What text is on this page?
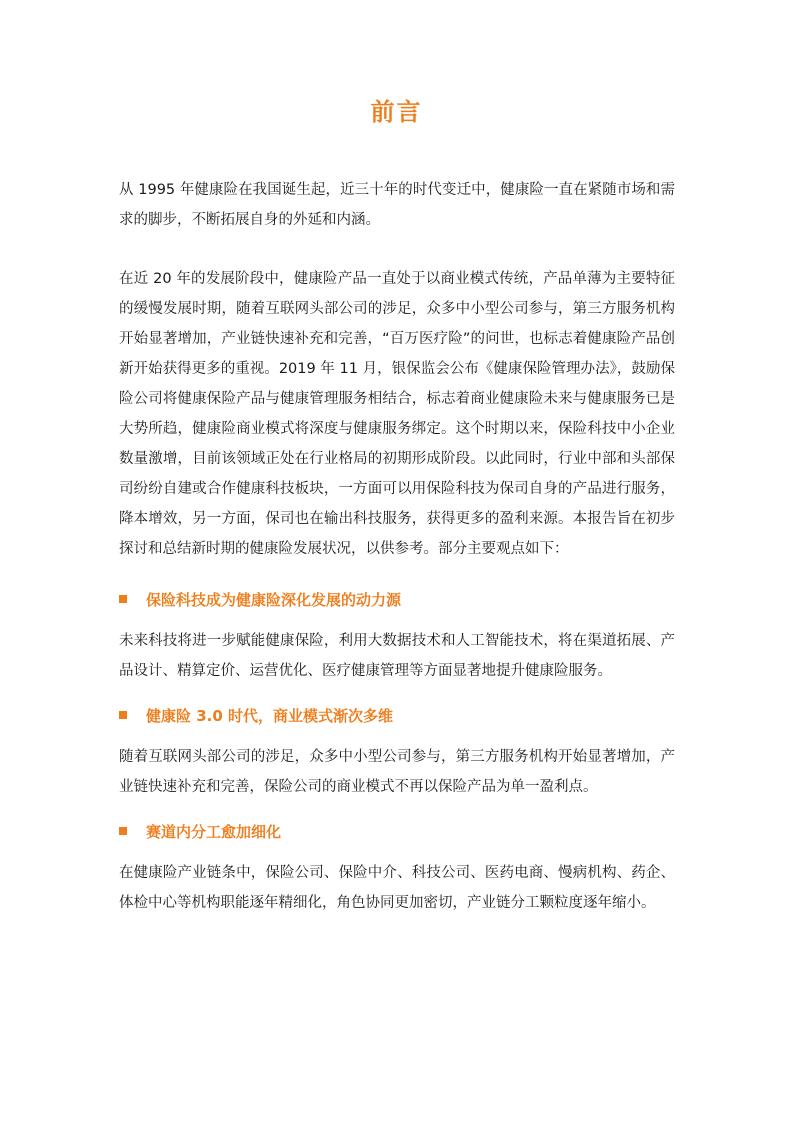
前言

从 1995 年健康险在我国诞生起，近三十年的时代变迁中，健康险一直在紧随市场和需求的脚步，不断拓展自身的外延和内涵。

在近 20 年的发展阶段中，健康险产品一直处于以商业模式传统，产品单薄为主要特征的缓慢发展时期，随着互联网头部公司的涉足，众多中小型公司参与，第三方服务机构开始显著增加，产业链快速补充和完善，“百万医疗险”的问世，也标志着健康险产品创新开始获得更多的重视。2019 年 11 月，银保监会公布《健康保险管理办法》，鼓励保险公司将健康保险产品与健康管理服务相结合，标志着商业健康险未来与健康服务已是大势所趋，健康险商业模式将深度与健康服务绑定。这个时期以来，保险科技中小企业数量激增，目前该领域正处在行业格局的初期形成阶段。以此同时，行业中部和头部保司纷纷自建或合作健康科技板块，一方面可以用保险科技为保司自身的产品进行服务，降本增效，另一方面，保司也在输出科技服务，获得更多的盈利来源。本报告旨在初步探讨和总结新时期的健康险发展状况，以供参考。部分主要观点如下：

保险科技成为健康险深化发展的动力源

未来科技将进一步赋能健康保险，利用大数据技术和人工智能技术，将在渠道拓展、产品设计、精算定价、运营优化、医疗健康管理等方面显著地提升健康险服务。

健康险 3.0 时代，商业模式渐次多维

随着互联网头部公司的涉足，众多中小型公司参与，第三方服务机构开始显著增加，产业链快速补充和完善，保险公司的商业模式不再以保险产品为单一盈利点。

赛道内分工愈加细化

在健康险产业链条中，保险公司、保险中介、科技公司、医药电商、慢病机构、药企、体检中心等机构职能逐年精细化，角色协同更加密切，产业链分工颗粒度逐年缩小。
